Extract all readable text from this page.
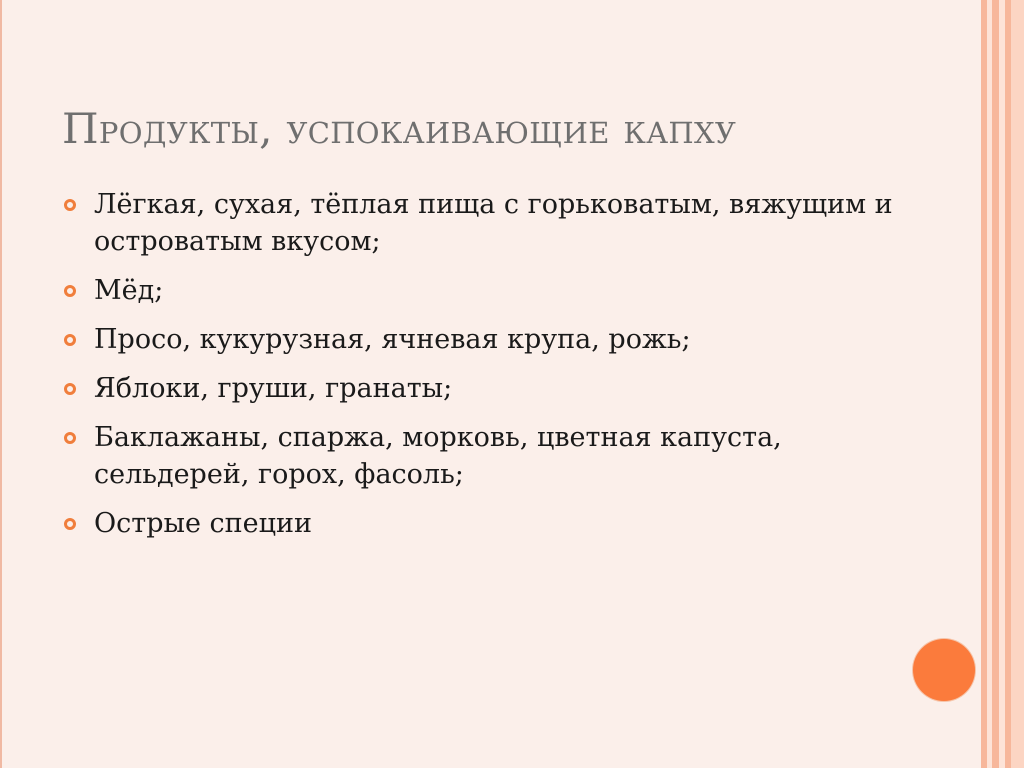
Продукты, успокаивающие капху
Лёгкая, сухая, тёплая пища с горьковатым, вяжущим и островатым вкусом;
Мёд;
Просо, кукурузная, ячневая крупа, рожь;
Яблоки, груши, гранаты;
Баклажаны, спаржа, морковь, цветная капуста, сельдерей, горох, фасоль;
Острые специи
